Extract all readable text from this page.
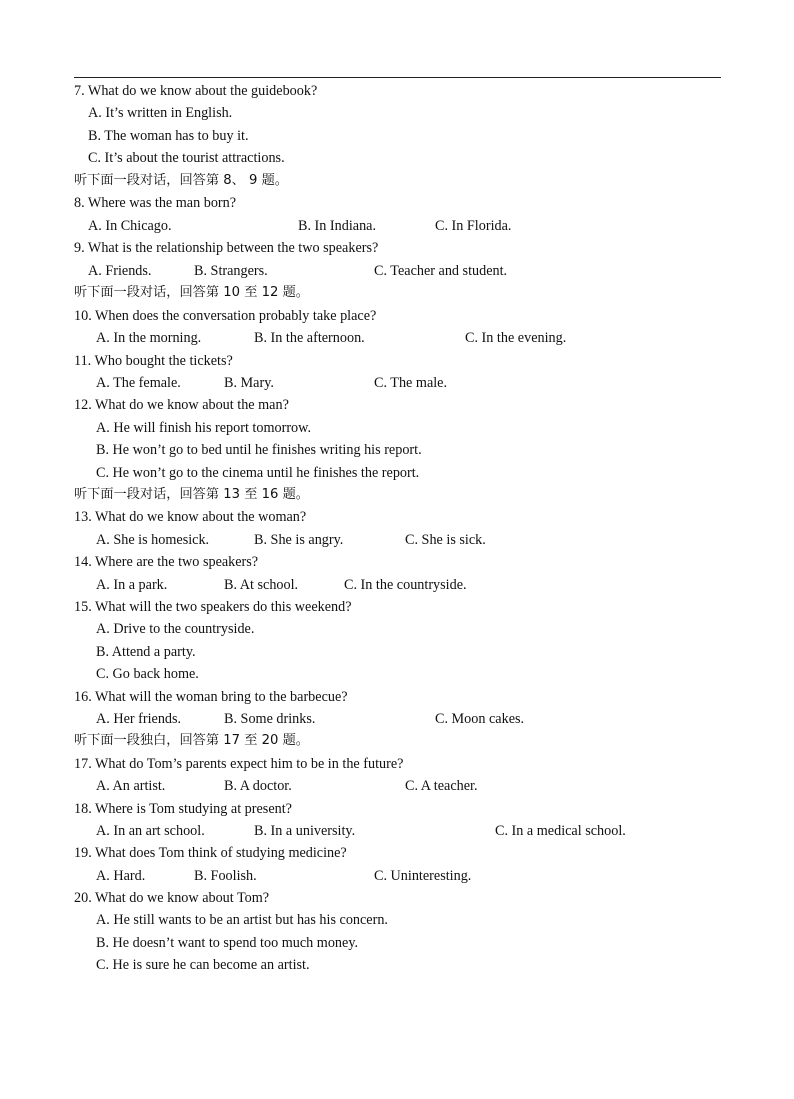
7. What do we know about the guidebook?
A. It’s written in English.
B. The woman has to buy it.
C. It’s about the tourist attractions.
听下面一段对话，回答第 8、 9 题。
8. Where was the man born?
A. In Chicago.	B. In Indiana.	C. In Florida.
9. What is the relationship between the two speakers?
A. Friends.	B. Strangers.	C. Teacher and student.
听下面一段对话，回答第 10 至 12 题。
10. When does the conversation probably take place?
A. In the morning.	B. In the afternoon.	C. In the evening.
11. Who bought the tickets?
A. The female.	B. Mary.	C. The male.
12. What do we know about the man?
A. He will finish his report tomorrow.
B. He won’t go to bed until he finishes writing his report.
C. He won’t go to the cinema until he finishes the report.
听下面一段对话，回答第 13 至 16 题。
13. What do we know about the woman?
A. She is homesick.	B. She is angry.	C. She is sick.
14. Where are the two speakers?
A. In a park.	B. At school.	C. In the countryside.
15. What will the two speakers do this weekend?
A. Drive to the countryside.
B. Attend a party.
C. Go back home.
16. What will the woman bring to the barbecue?
A. Her friends.	B. Some drinks.	C. Moon cakes.
听下面一段独白，回答第 17 至 20 题。
17. What do Tom’s parents expect him to be in the future?
A. An artist.	B. A doctor.	C. A teacher.
18. Where is Tom studying at present?
A. In an art school.	B. In a university.	C. In a medical school.
19. What does Tom think of studying medicine?
A. Hard.	B. Foolish.	C. Uninteresting.
20. What do we know about Tom?
A. He still wants to be an artist but has his concern.
B. He doesn’t want to spend too much money.
C. He is sure he can become an artist.
